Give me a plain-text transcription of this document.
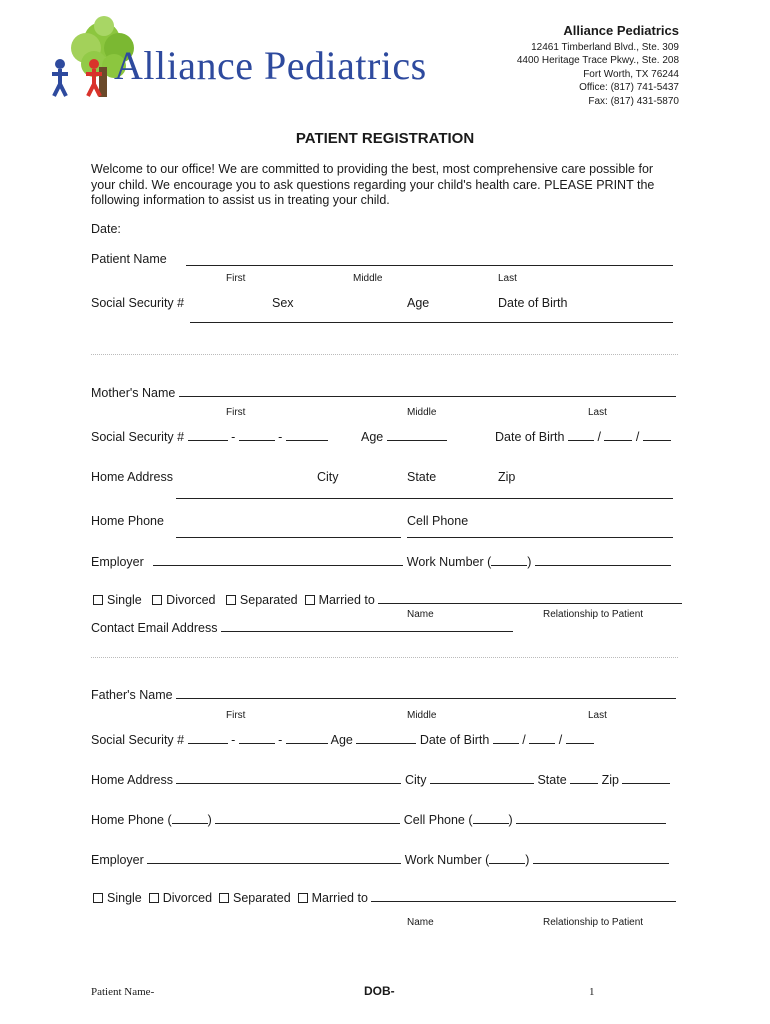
Alliance Pediatrics
Alliance Pediatrics
12461 Timberland Blvd., Ste. 309
4400 Heritage Trace Pkwy., Ste. 208
Fort Worth, TX 76244
Office: (817) 741-5437
Fax: (817) 431-5870
PATIENT REGISTRATION
Welcome to our office! We are committed to providing the best, most comprehensive care possible for
your child. We encourage you to ask questions regarding your child's health care. PLEASE PRINT the
following information to assist us in treating your child.
Date:
Patient Name
First	Middle	Last
Social Security #	Sex	Age	Date of Birth
Mother's Name
First	Middle	Last
Social Security #	-	-	Age	Date of Birth  /  /
Home Address	City	State	Zip
Home Phone	Cell Phone
Employer	Work Number (	)
Single Divorced Separated Married to
Name	Relationship to Patient
Contact Email Address
Father's Name
First	Middle	Last
Social Security #	-	-	Age	Date of Birth  /  /
Home Address	City	State	Zip
Home Phone (	)	Cell Phone (	)
Employer	Work Number (	)
Single Divorced Separated Married to
Name	Relationship to Patient
Patient Name-	DOB-	1
